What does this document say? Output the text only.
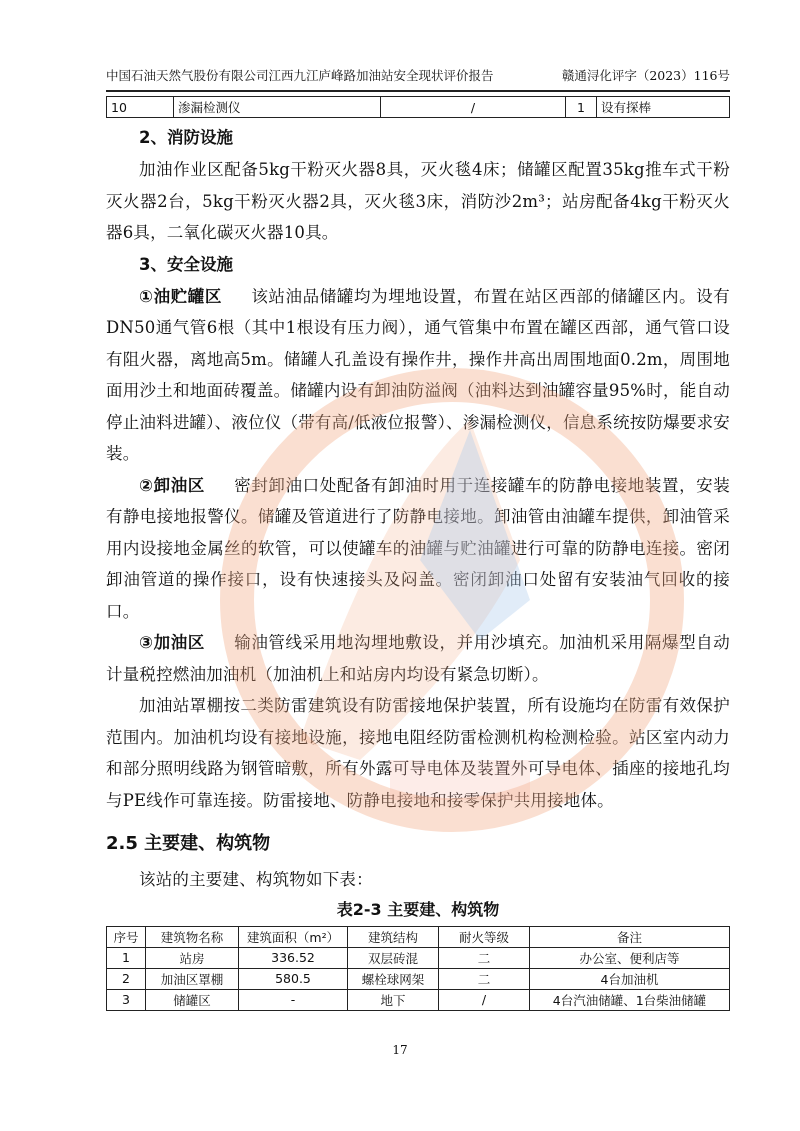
中国石油天然气股份有限公司江西九江庐峰路加油站安全现状评价报告	赣通浔化评字（2023）116号
10	渗漏检测仪	/	1	设有探棒
2、消防设施

加油作业区配备5kg干粉灭火器8具，灭火毯4床；储罐区配置35kg推车式干粉灭火器2台，5kg干粉灭火器2具，灭火毯3床，消防沙2m³；站房配备4kg干粉灭火器6具，二氧化碳灭火器10具。

3、安全设施

①油贮罐区 该站油品储罐均为埋地设置，布置在站区西部的储罐区内。设有DN50通气管6根（其中1根设有压力阀），通气管集中布置在罐区西部，通气管口设有阻火器，离地高5m。储罐人孔盖设有操作井，操作井高出周围地面0.2m，周围地面用沙土和地面砖覆盖。储罐内设有卸油防溢阀（油料达到油罐容量95%时，能自动停止油料进罐）、液位仪（带有高/低液位报警）、渗漏检测仪，信息系统按防爆要求安装。

②卸油区 密封卸油口处配备有卸油时用于连接罐车的防静电接地装置，安装有静电接地报警仪。储罐及管道进行了防静电接地。卸油管由油罐车提供，卸油管采用内设接地金属丝的软管，可以使罐车的油罐与贮油罐进行可靠的防静电连接。密闭卸油管道的操作接口，设有快速接头及闷盖。密闭卸油口处留有安装油气回收的接口。

③加油区 输油管线采用地沟埋地敷设，并用沙填充。加油机采用隔爆型自动计量税控燃油加油机（加油机上和站房内均设有紧急切断）。

加油站罩棚按二类防雷建筑设有防雷接地保护装置，所有设施均在防雷有效保护范围内。加油机均设有接地设施，接地电阻经防雷检测机构检测检验。站区室内动力和部分照明线路为钢管暗敷，所有外露可导电体及装置外可导电体、插座的接地孔均与PE线作可靠连接。防雷接地、防静电接地和接零保护共用接地体。

2.5 主要建、构筑物

该站的主要建、构筑物如下表：

表2-3 主要建、构筑物
序号	建筑物名称	建筑面积（m²）	建筑结构	耐火等级	备注
1	站房	336.52	双层砖混	二	办公室、便利店等
2	加油区罩棚	580.5	螺栓球网架	二	4台加油机
3	储罐区	-	地下	/	4台汽油储罐、1台柴油储罐
17
